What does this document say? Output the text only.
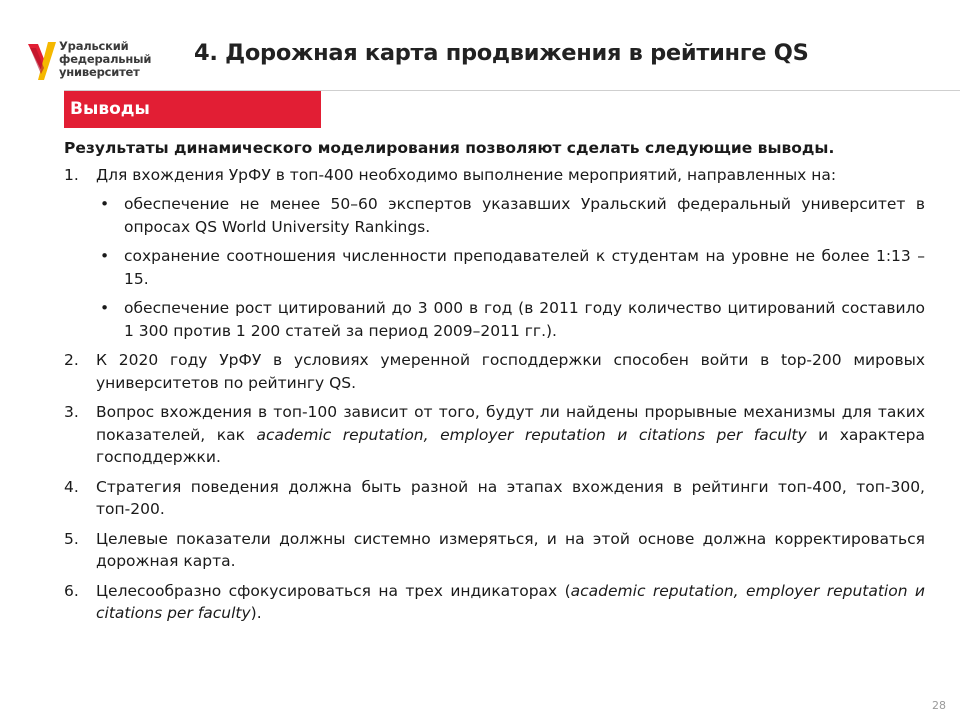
Уральский
федеральный
университет
4. Дорожная карта продвижения в рейтинге QS
Выводы
Результаты динамического моделирования позволяют сделать следующие выводы.
1. Для вхождения УрФУ в топ-400 необходимо выполнение мероприятий, направленных на:
• обеспечение не менее 50–60 экспертов указавших Уральский федеральный университет в опросах QS World University Rankings.
• сохранение соотношения численности преподавателей к студентам на уровне не более 1:13 – 15.
• обеспечение рост цитирований до 3 000 в год (в 2011 году количество цитирований составило 1 300 против 1 200 статей за период 2009–2011 гг.).
2. К 2020 году УрФУ в условиях умеренной господдержки способен войти в top-200 мировых университетов по рейтингу QS.
3. Вопрос вхождения в топ-100 зависит от того, будут ли найдены прорывные механизмы для таких показателей, как academic reputation, employer reputation и citations per faculty и характера господдержки.
4. Стратегия поведения должна быть разной на этапах вхождения в рейтинги топ-400, топ-300, топ-200.
5. Целевые показатели должны системно измеряться, и на этой основе должна корректироваться дорожная карта.
6. Целесообразно сфокусироваться на трех индикаторах (academic reputation, employer reputation и citations per faculty).
28
